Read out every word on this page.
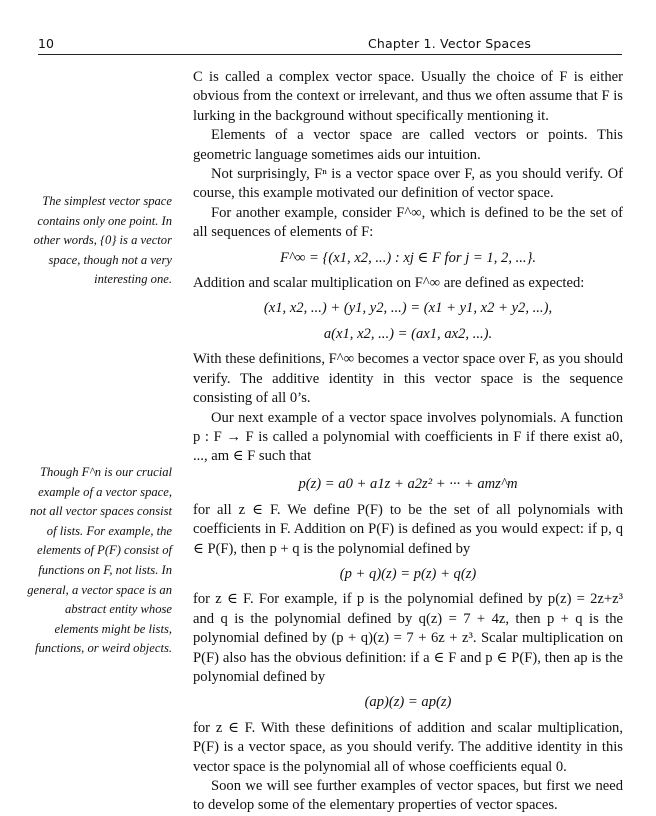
10	Chapter 1. Vector Spaces
The simplest vector space contains only one point. In other words, {0} is a vector space, though not a very interesting one.
Though F^n is our crucial example of a vector space, not all vector spaces consist of lists. For example, the elements of P(F) consist of functions on F, not lists. In general, a vector space is an abstract entity whose elements might be lists, functions, or weird objects.

C is called a complex vector space. Usually the choice of F is either obvious from the context or irrelevant, and thus we often assume that F is lurking in the background without specifically mentioning it.

Elements of a vector space are called vectors or points. This geometric language sometimes aids our intuition.

Not surprisingly, Fⁿ is a vector space over F, as you should verify. Of course, this example motivated our definition of vector space.

For another example, consider F^∞, which is defined to be the set of all sequences of elements of F:

F^∞ = {(x1, x2, ...) : xj ∈ F for j = 1, 2, ...}.

Addition and scalar multiplication on F^∞ are defined as expected:

(x1, x2, ...) + (y1, y2, ...) = (x1 + y1, x2 + y2, ...),
a(x1, x2, ...) = (ax1, ax2, ...).

With these definitions, F^∞ becomes a vector space over F, as you should verify. The additive identity in this vector space is the sequence consisting of all 0’s.

Our next example of a vector space involves polynomials. A function p : F → F is called a polynomial with coefficients in F if there exist a0, ..., am ∈ F such that

p(z) = a0 + a1z + a2z² + ··· + amz^m

for all z ∈ F. We define P(F) to be the set of all polynomials with coefficients in F. Addition on P(F) is defined as you would expect: if p, q ∈ P(F), then p + q is the polynomial defined by

(p + q)(z) = p(z) + q(z)

for z ∈ F. For example, if p is the polynomial defined by p(z) = 2z+z³ and q is the polynomial defined by q(z) = 7 + 4z, then p + q is the polynomial defined by (p + q)(z) = 7 + 6z + z³. Scalar multiplication on P(F) also has the obvious definition: if a ∈ F and p ∈ P(F), then ap is the polynomial defined by

(ap)(z) = ap(z)

for z ∈ F. With these definitions of addition and scalar multiplication, P(F) is a vector space, as you should verify. The additive identity in this vector space is the polynomial all of whose coefficients equal 0.

Soon we will see further examples of vector spaces, but first we need to develop some of the elementary properties of vector spaces.
